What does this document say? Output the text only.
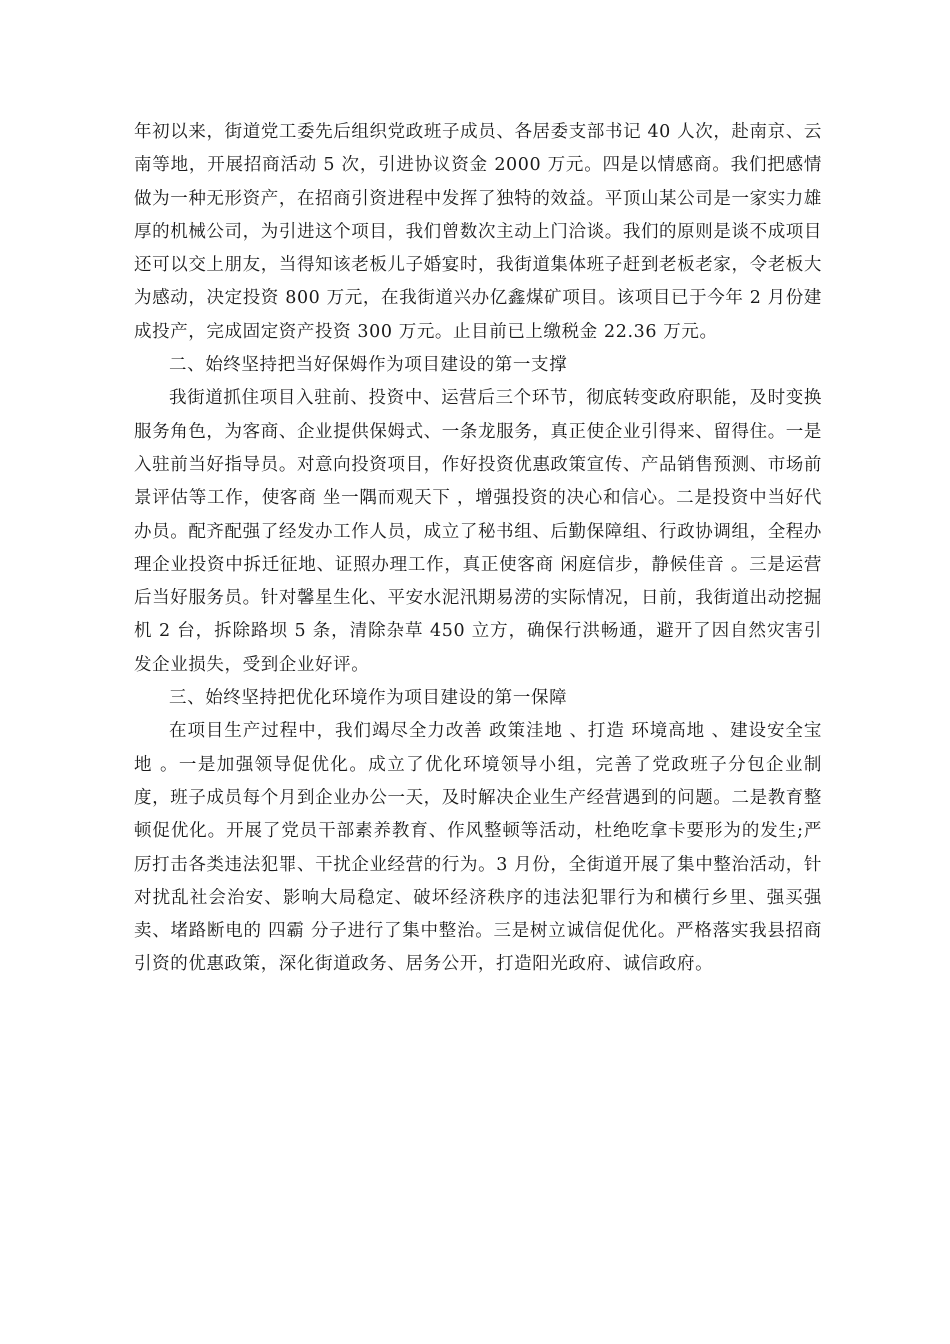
年初以来，街道党工委先后组织党政班子成员、各居委支部书记 40 人次，赴南京、云南等地，开展招商活动 5 次，引进协议资金 2000 万元。四是以情感商。我们把感情做为一种无形资产，在招商引资进程中发挥了独特的效益。平顶山某公司是一家实力雄厚的机械公司，为引进这个项目，我们曾数次主动上门洽谈。我们的原则是谈不成项目还可以交上朋友，当得知该老板儿子婚宴时，我街道集体班子赶到老板老家，令老板大为感动，决定投资 800 万元，在我街道兴办亿鑫煤矿项目。该项目已于今年 2 月份建成投产，完成固定资产投资 300 万元。止目前已上缴税金 22.36 万元。

二、始终坚持把当好保姆作为项目建设的第一支撑

我街道抓住项目入驻前、投资中、运营后三个环节，彻底转变政府职能，及时变换服务角色，为客商、企业提供保姆式、一条龙服务，真正使企业引得来、留得住。一是入驻前当好指导员。对意向投资项目，作好投资优惠政策宣传、产品销售预测、市场前景评估等工作，使客商 坐一隅而观天下 ，增强投资的决心和信心。二是投资中当好代办员。配齐配强了经发办工作人员，成立了秘书组、后勤保障组、行政协调组，全程办理企业投资中拆迁征地、证照办理工作，真正使客商 闲庭信步，静候佳音 。三是运营后当好服务员。针对馨星生化、平安水泥汛期易涝的实际情况，日前，我街道出动挖掘机 2 台，拆除路坝 5 条，清除杂草 450 立方，确保行洪畅通，避开了因自然灾害引发企业损失，受到企业好评。

三、始终坚持把优化环境作为项目建设的第一保障

在项目生产过程中，我们竭尽全力改善 政策洼地 、打造 环境高地 、建设安全宝地 。一是加强领导促优化。成立了优化环境领导小组，完善了党政班子分包企业制度，班子成员每个月到企业办公一天，及时解决企业生产经营遇到的问题。二是教育整顿促优化。开展了党员干部素养教育、作风整顿等活动，杜绝吃拿卡要形为的发生;严厉打击各类违法犯罪、干扰企业经营的行为。3 月份，全街道开展了集中整治活动，针对扰乱社会治安、影响大局稳定、破坏经济秩序的违法犯罪行为和横行乡里、强买强卖、堵路断电的 四霸 分子进行了集中整治。三是树立诚信促优化。严格落实我县招商引资的优惠政策，深化街道政务、居务公开，打造阳光政府、诚信政府。
